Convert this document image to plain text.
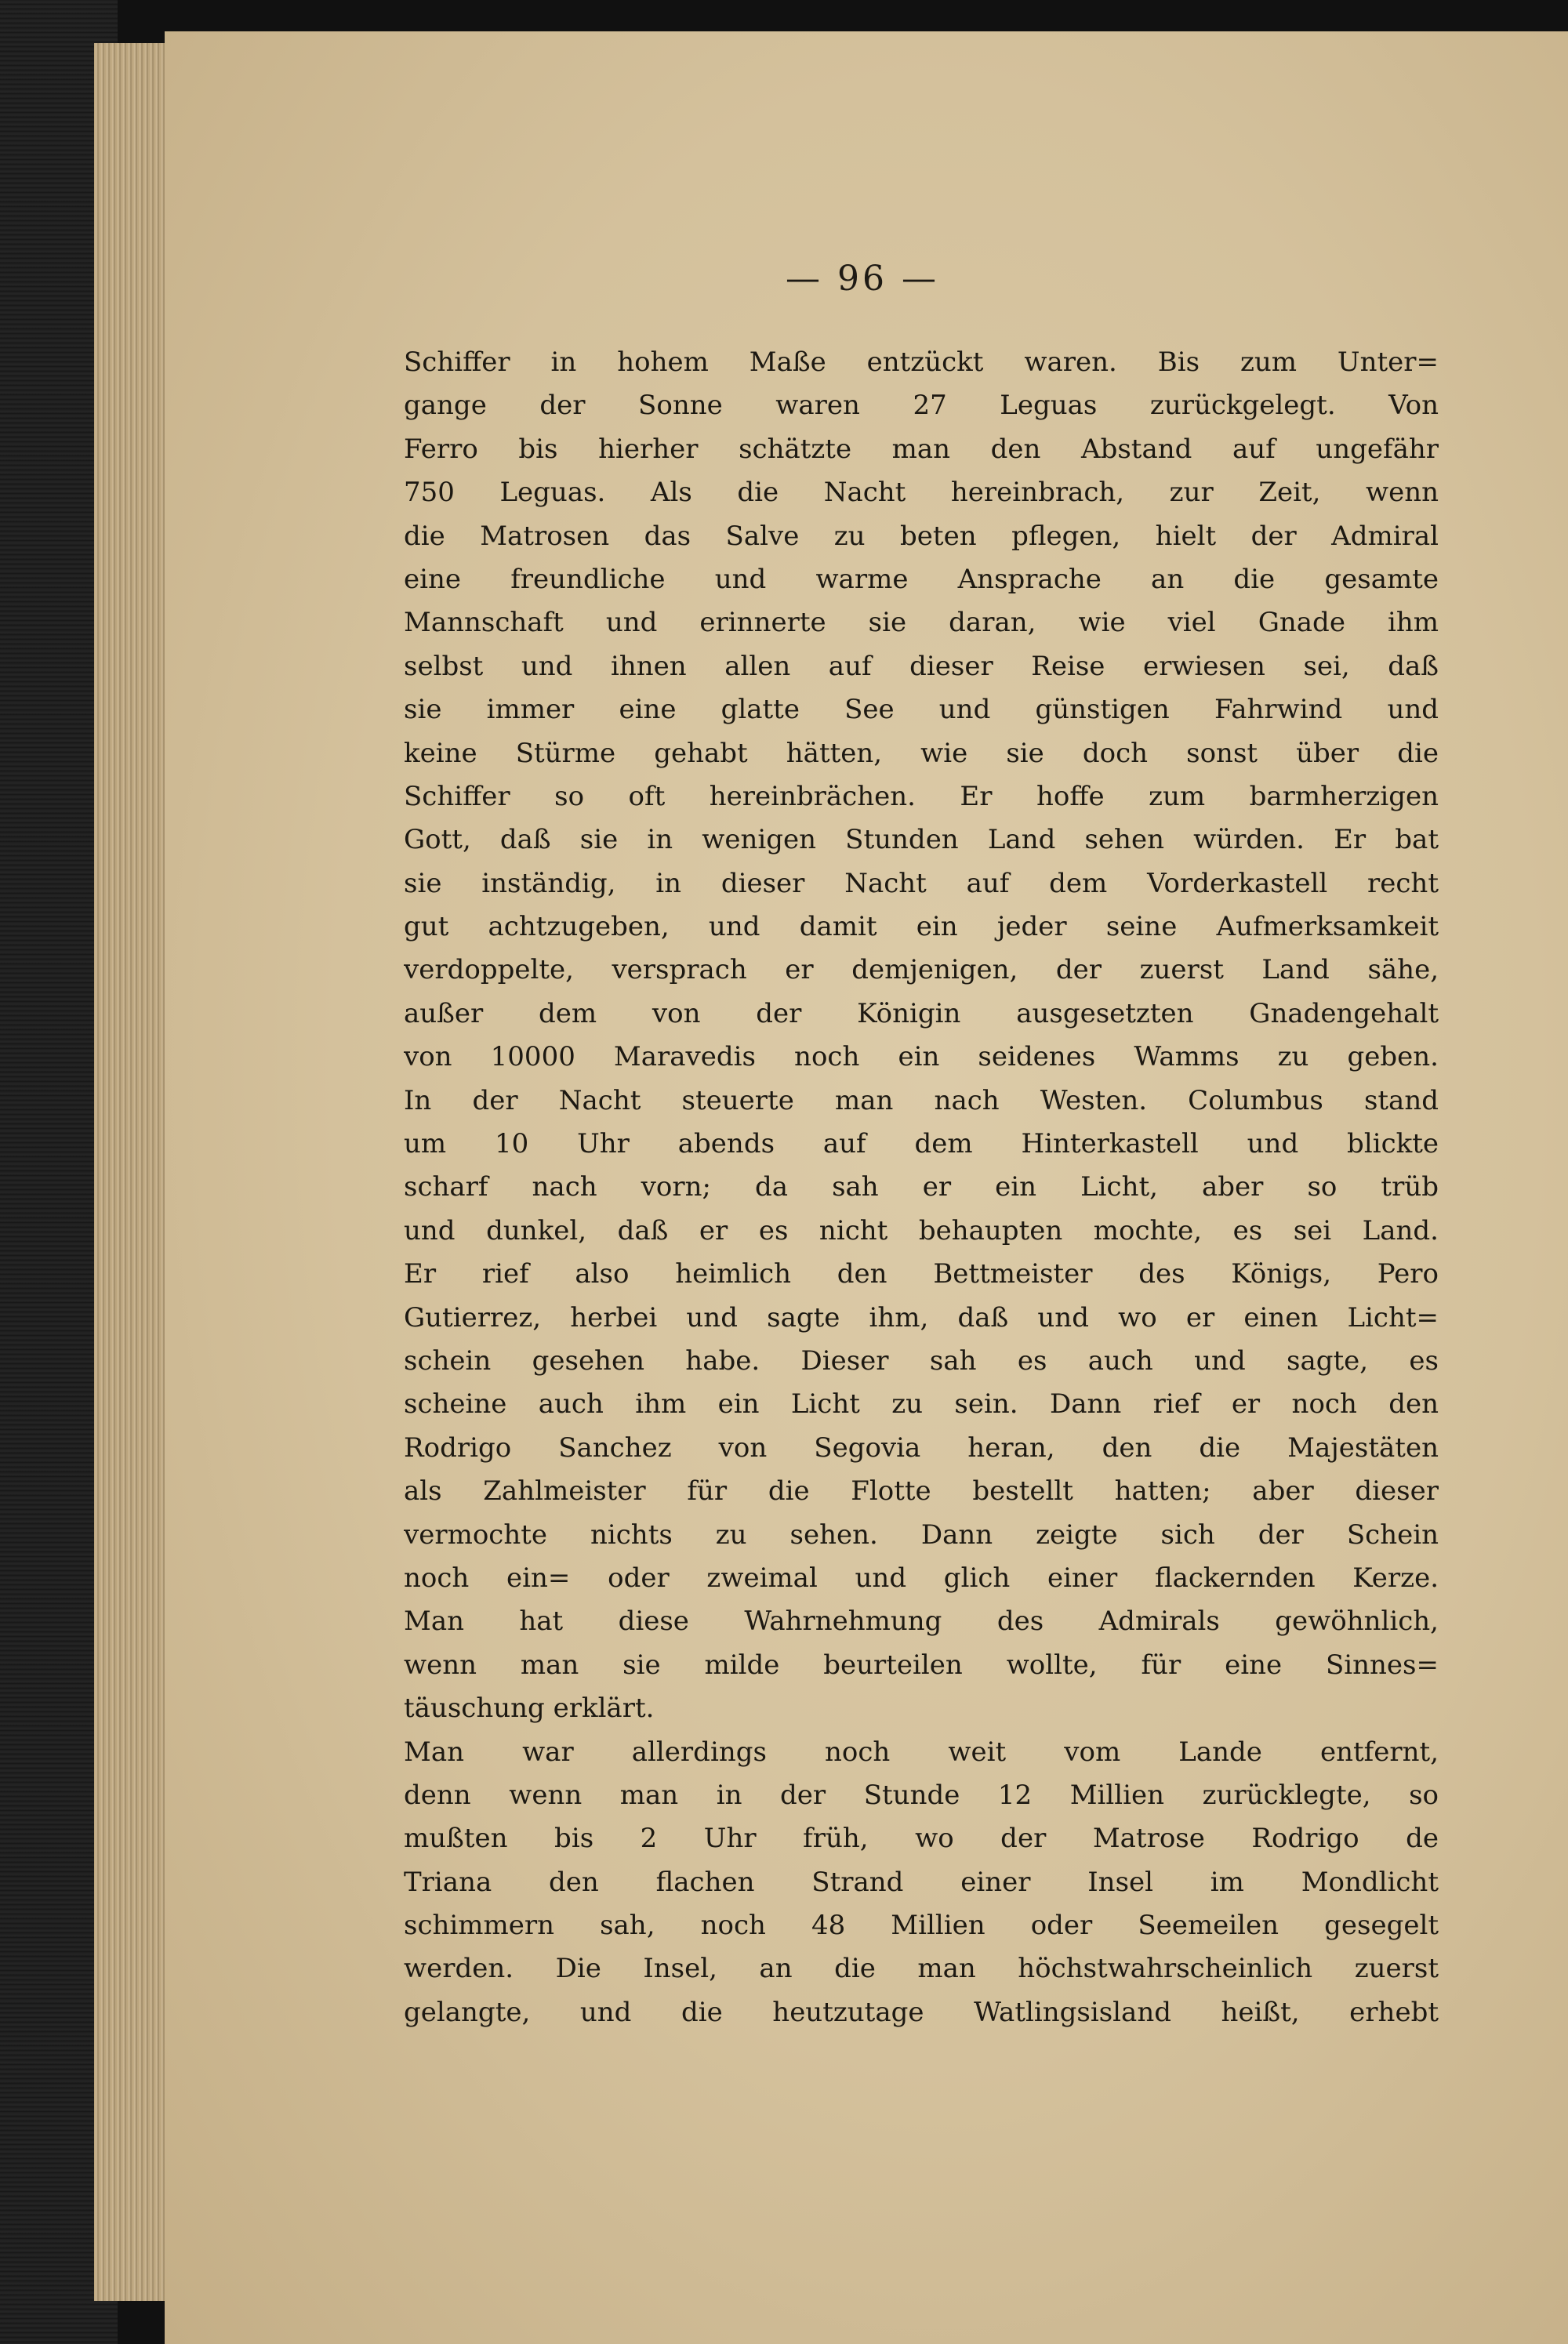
— 96 —
Schiffer in hohem Maße entzückt waren. Bis zum Unter=
gange der Sonne waren 27 Leguas zurückgelegt. Von
Ferro bis hierher schätzte man den Abstand auf ungefähr
750 Leguas. Als die Nacht hereinbrach, zur Zeit, wenn
die Matrosen das Salve zu beten pflegen, hielt der Admiral
eine freundliche und warme Ansprache an die gesamte
Mannschaft und erinnerte sie daran, wie viel Gnade ihm
selbst und ihnen allen auf dieser Reise erwiesen sei, daß
sie immer eine glatte See und günstigen Fahrwind und
keine Stürme gehabt hätten, wie sie doch sonst über die
Schiffer so oft hereinbrächen. Er hoffe zum barmherzigen
Gott, daß sie in wenigen Stunden Land sehen würden. Er bat
sie inständig, in dieser Nacht auf dem Vorderkastell recht
gut achtzugeben, und damit ein jeder seine Aufmerksamkeit
verdoppelte, versprach er demjenigen, der zuerst Land sähe,
außer dem von der Königin ausgesetzten Gnadengehalt
von 10000 Maravedis noch ein seidenes Wamms zu geben.
In der Nacht steuerte man nach Westen. Columbus stand
um 10 Uhr abends auf dem Hinterkastell und blickte
scharf nach vorn; da sah er ein Licht, aber so trüb
und dunkel, daß er es nicht behaupten mochte, es sei Land.
Er rief also heimlich den Bettmeister des Königs, Pero
Gutierrez, herbei und sagte ihm, daß und wo er einen Licht=
schein gesehen habe. Dieser sah es auch und sagte, es
scheine auch ihm ein Licht zu sein. Dann rief er noch den
Rodrigo Sanchez von Segovia heran, den die Majestäten
als Zahlmeister für die Flotte bestellt hatten; aber dieser
vermochte nichts zu sehen. Dann zeigte sich der Schein
noch ein= oder zweimal und glich einer flackernden Kerze.
Man hat diese Wahrnehmung des Admirals gewöhnlich,
wenn man sie milde beurteilen wollte, für eine Sinnes=
täuschung erklärt.
Man war allerdings noch weit vom Lande entfernt,
denn wenn man in der Stunde 12 Millien zurücklegte, so
mußten bis 2 Uhr früh, wo der Matrose Rodrigo de
Triana den flachen Strand einer Insel im Mondlicht
schimmern sah, noch 48 Millien oder Seemeilen gesegelt
werden. Die Insel, an die man höchstwahrscheinlich zuerst
gelangte, und die heutzutage Watlingsisland heißt, erhebt
